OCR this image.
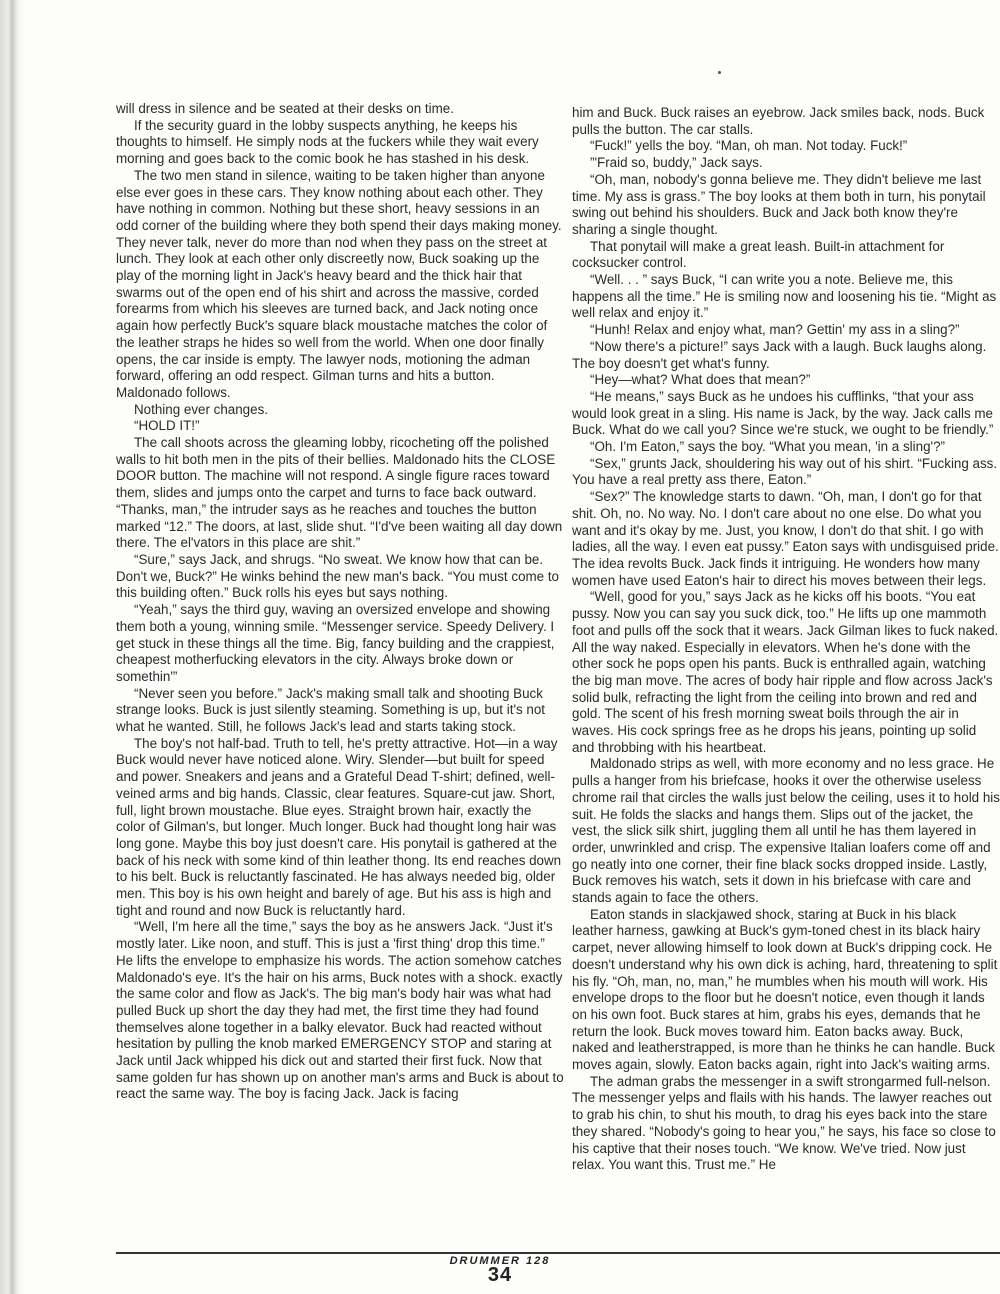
will dress in silence and be seated at their desks on time.

If the security guard in the lobby suspects anything, he keeps his thoughts to himself. He simply nods at the fuckers while they wait every morning and goes back to the comic book he has stashed in his desk.

The two men stand in silence, waiting to be taken higher than anyone else ever goes in these cars. They know nothing about each other. They have nothing in common. Nothing but these short, heavy sessions in an odd corner of the building where they both spend their days making money. They never talk, never do more than nod when they pass on the street at lunch. They look at each other only discreetly now, Buck soaking up the play of the morning light in Jack's heavy beard and the thick hair that swarms out of the open end of his shirt and across the massive, corded forearms from which his sleeves are turned back, and Jack noting once again how perfectly Buck's square black moustache matches the color of the leather straps he hides so well from the world. When one door finally opens, the car inside is empty. The lawyer nods, motioning the adman forward, offering an odd respect. Gilman turns and hits a button. Maldonado follows.

Nothing ever changes.

“HOLD IT!”

The call shoots across the gleaming lobby, ricocheting off the polished walls to hit both men in the pits of their bellies. Maldonado hits the CLOSE DOOR button. The machine will not respond. A single figure races toward them, slides and jumps onto the carpet and turns to face back outward. “Thanks, man,” the intruder says as he reaches and touches the button marked “12.” The doors, at last, slide shut. “I'd've been waiting all day down there. The el'vators in this place are shit.”

“Sure,” says Jack, and shrugs. “No sweat. We know how that can be. Don't we, Buck?” He winks behind the new man's back. “You must come to this building often.” Buck rolls his eyes but says nothing.

“Yeah,” says the third guy, waving an oversized envelope and showing them both a young, winning smile. “Messenger service. Speedy Delivery. I get stuck in these things all the time. Big, fancy building and the crappiest, cheapest motherfucking elevators in the city. Always broke down or somethin'”

“Never seen you before.” Jack's making small talk and shooting Buck strange looks. Buck is just silently steaming. Something is up, but it's not what he wanted. Still, he follows Jack's lead and starts taking stock.

The boy's not half-bad. Truth to tell, he's pretty attractive. Hot—in a way Buck would never have noticed alone. Wiry. Slender—but built for speed and power. Sneakers and jeans and a Grateful Dead T-shirt; defined, well-veined arms and big hands. Classic, clear features. Square-cut jaw. Short, full, light brown moustache. Blue eyes. Straight brown hair, exactly the color of Gilman's, but longer. Much longer. Buck had thought long hair was long gone. Maybe this boy just doesn't care. His ponytail is gathered at the back of his neck with some kind of thin leather thong. Its end reaches down to his belt. Buck is reluctantly fascinated. He has always needed big, older men. This boy is his own height and barely of age. But his ass is high and tight and round and now Buck is reluctantly hard.

“Well, I'm here all the time,” says the boy as he answers Jack. “Just it's mostly later. Like noon, and stuff. This is just a 'first thing' drop this time.” He lifts the envelope to emphasize his words. The action somehow catches Maldonado's eye. It's the hair on his arms, Buck notes with a shock. exactly the same color and flow as Jack's. The big man's body hair was what had pulled Buck up short the day they had met, the first time they had found themselves alone together in a balky elevator. Buck had reacted without hesitation by pulling the knob marked EMERGENCY STOP and staring at Jack until Jack whipped his dick out and started their first fuck. Now that same golden fur has shown up on another man's arms and Buck is about to react the same way. The boy is facing Jack. Jack is facing

him and Buck. Buck raises an eyebrow. Jack smiles back, nods. Buck pulls the button. The car stalls.

“Fuck!” yells the boy. “Man, oh man. Not today. Fuck!”

”'Fraid so, buddy,” Jack says.

“Oh, man, nobody's gonna believe me. They didn't believe me last time. My ass is grass.” The boy looks at them both in turn, his ponytail swing out behind his shoulders. Buck and Jack both know they're sharing a single thought.

That ponytail will make a great leash. Built-in attachment for cocksucker control.

“Well. . . ” says Buck, “I can write you a note. Believe me, this happens all the time.” He is smiling now and loosening his tie. “Might as well relax and enjoy it.”

“Hunh! Relax and enjoy what, man? Gettin' my ass in a sling?”

“Now there's a picture!” says Jack with a laugh. Buck laughs along. The boy doesn't get what's funny.

“Hey—what? What does that mean?”

“He means,” says Buck as he undoes his cufflinks, “that your ass would look great in a sling. His name is Jack, by the way. Jack calls me Buck. What do we call you? Since we're stuck, we ought to be friendly.”

“Oh. I'm Eaton,” says the boy. “What you mean, 'in a sling'?”

“Sex,” grunts Jack, shouldering his way out of his shirt. “Fucking ass. You have a real pretty ass there, Eaton.”

“Sex?” The knowledge starts to dawn. “Oh, man, I don't go for that shit. Oh, no. No way. No. I don't care about no one else. Do what you want and it's okay by me. Just, you know, I don't do that shit. I go with ladies, all the way. I even eat pussy.” Eaton says with undisguised pride. The idea revolts Buck. Jack finds it intriguing. He wonders how many women have used Eaton's hair to direct his moves between their legs.

“Well, good for you,” says Jack as he kicks off his boots. “You eat pussy. Now you can say you suck dick, too.” He lifts up one mammoth foot and pulls off the sock that it wears. Jack Gilman likes to fuck naked. All the way naked. Especially in elevators. When he's done with the other sock he pops open his pants. Buck is enthralled again, watching the big man move. The acres of body hair ripple and flow across Jack's solid bulk, refracting the light from the ceiling into brown and red and gold. The scent of his fresh morning sweat boils through the air in waves. His cock springs free as he drops his jeans, pointing up solid and throbbing with his heartbeat.

Maldonado strips as well, with more economy and no less grace. He pulls a hanger from his briefcase, hooks it over the otherwise useless chrome rail that circles the walls just below the ceiling, uses it to hold his suit. He folds the slacks and hangs them. Slips out of the jacket, the vest, the slick silk shirt, juggling them all until he has them layered in order, unwrinkled and crisp. The expensive Italian loafers come off and go neatly into one corner, their fine black socks dropped inside. Lastly, Buck removes his watch, sets it down in his briefcase with care and stands again to face the others.

Eaton stands in slackjawed shock, staring at Buck in his black leather harness, gawking at Buck's gym-toned chest in its black hairy carpet, never allowing himself to look down at Buck's dripping cock. He doesn't understand why his own dick is aching, hard, threatening to split his fly. “Oh, man, no, man,” he mumbles when his mouth will work. His envelope drops to the floor but he doesn't notice, even though it lands on his own foot. Buck stares at him, grabs his eyes, demands that he return the look. Buck moves toward him. Eaton backs away. Buck, naked and leatherstrapped, is more than he thinks he can handle. Buck moves again, slowly. Eaton backs again, right into Jack's waiting arms.

The adman grabs the messenger in a swift strongarmed full-nelson. The messenger yelps and flails with his hands. The lawyer reaches out to grab his chin, to shut his mouth, to drag his eyes back into the stare they shared. “Nobody's going to hear you,” he says, his face so close to his captive that their noses touch. “We know. We've tried. Now just relax. You want this. Trust me.” He

DRUMMER 128
34
